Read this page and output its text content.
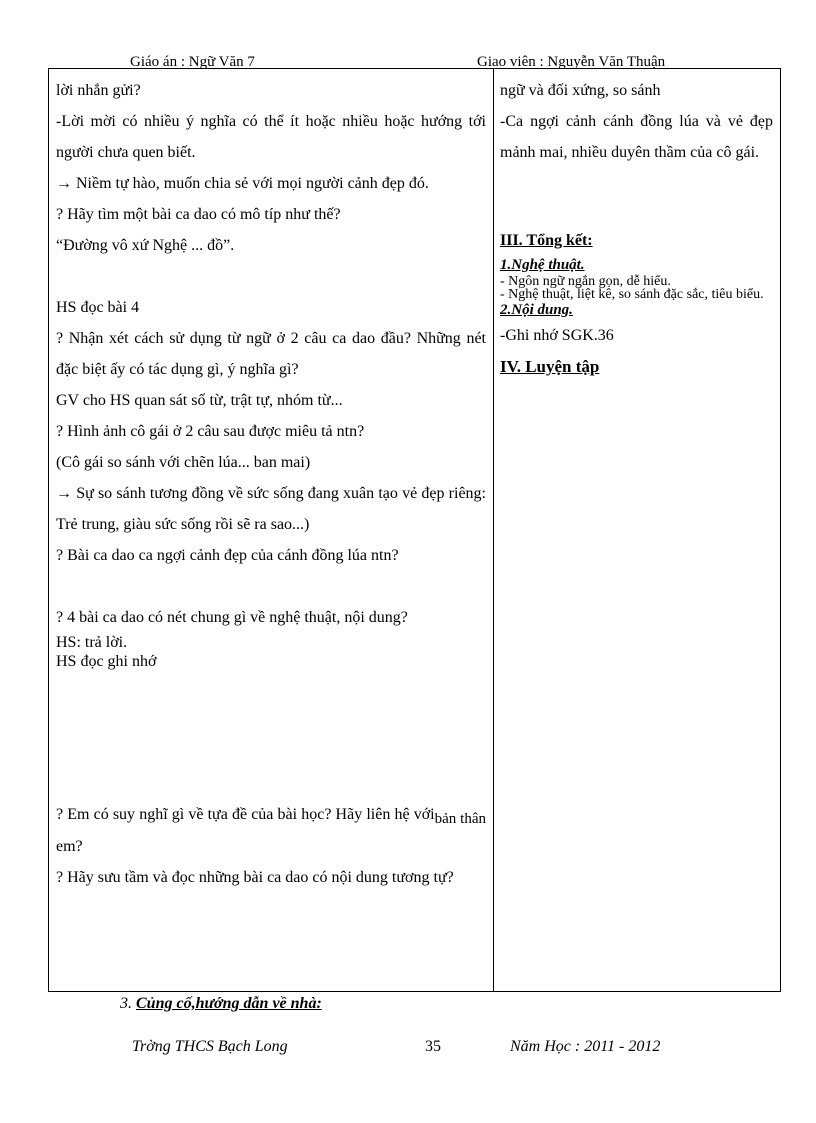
Giáo án : Ngữ Văn 7	Giao viên : Nguyễn Văn Thuận

lời nhắn gửi?

-Lời mời có nhiều ý nghĩa có thể ít hoặc nhiều hoặc hướng tới người chưa quen biết.

→ Niềm tự hào, muốn chia sẻ với mọi người cảnh đẹp đó.

? Hãy tìm một bài ca dao có mô típ như thế?

“Đường vô xứ Nghệ ... đồ”.

HS đọc bài 4

? Nhận xét cách sử dụng từ ngữ ở 2 câu ca dao đầu? Những nét đặc biệt ấy có tác dụng gì, ý nghĩa gì?

GV cho HS quan sát số từ, trật tự, nhóm từ...

? Hình ảnh cô gái ở 2 câu sau được miêu tả ntn?

(Cô gái so sánh với chẽn lúa... ban mai)

→ Sự so sánh tương đồng về sức sống đang xuân tạo vẻ đẹp riêng: Trẻ trung, giàu sức sống rồi sẽ ra sao...)

? Bài ca dao ca ngợi cảnh đẹp của cánh đồng lúa ntn?

? 4 bài ca dao có nét chung gì về nghệ thuật, nội dung?

HS: trả lời.

HS đọc ghi nhớ

? Em có suy nghĩ gì về tựa đề của bài học? Hãy liên hệ vớibản thân em?

? Hãy sưu tầm và đọc những bài ca dao có nội dung tương tự?

ngữ và đối xứng, so sánh

-Ca ngợi cảnh cánh đồng lúa và vẻ đẹp mảnh mai, nhiều duyên thầm của cô gái.

III. Tổng kết:

1.Nghệ thuật.

- Ngôn ngữ ngắn gọn, dễ hiểu.

- Nghệ thuật, liệt kê, so sánh đặc sắc, tiêu biểu.

2.Nội dung.

-Ghi nhớ SGK.36

IV. Luyện tập

3. Củng cố,hướng dẫn về nhà:
Trờng THCS Bạch Long	35	Năm Học : 2011 - 2012
